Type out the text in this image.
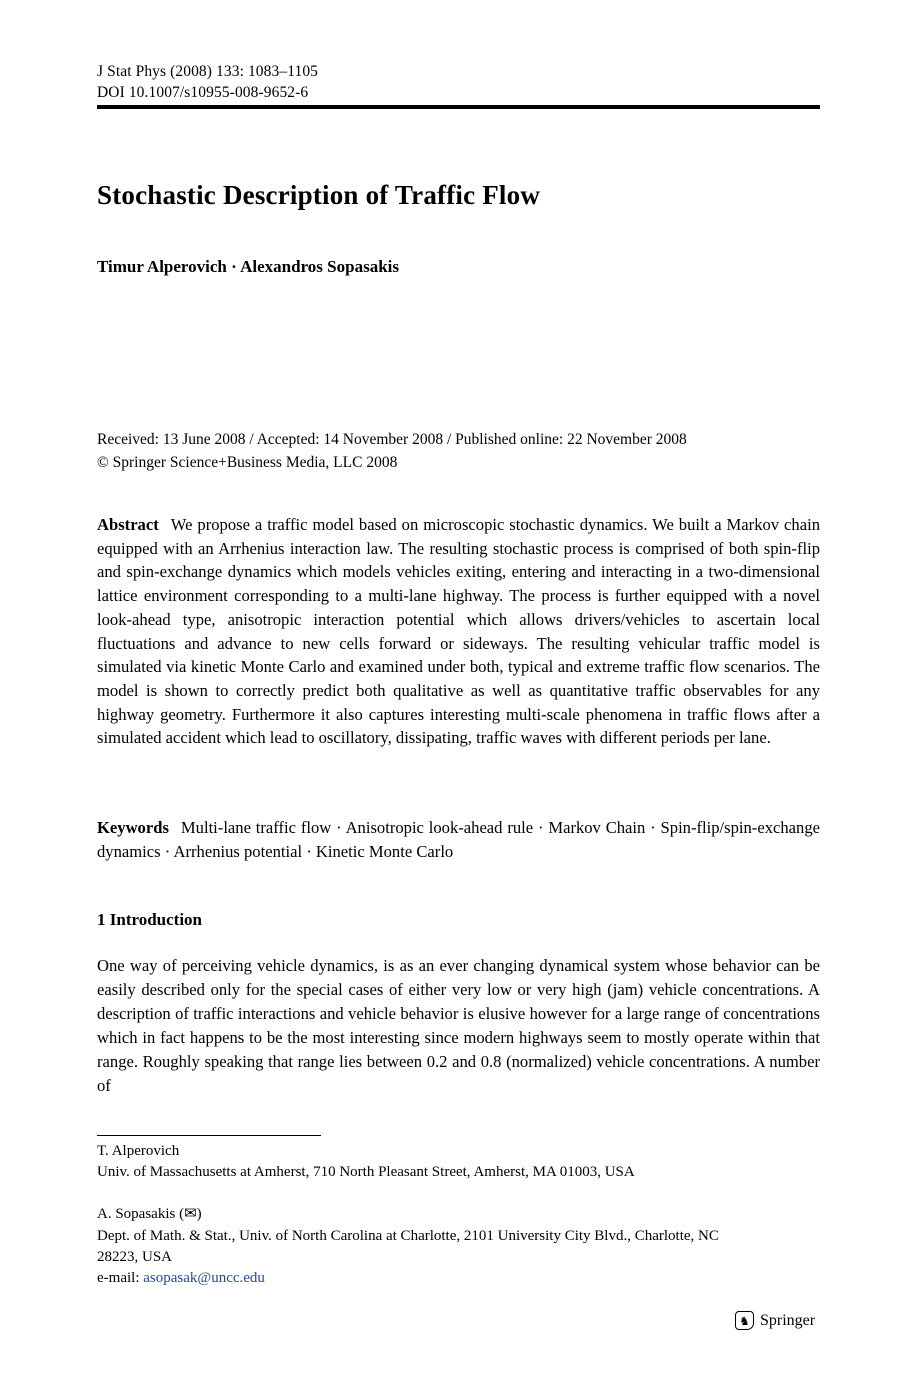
J Stat Phys (2008) 133: 1083–1105
DOI 10.1007/s10955-008-9652-6
Stochastic Description of Traffic Flow
Timur Alperovich · Alexandros Sopasakis
Received: 13 June 2008 / Accepted: 14 November 2008 / Published online: 22 November 2008
© Springer Science+Business Media, LLC 2008
Abstract We propose a traffic model based on microscopic stochastic dynamics. We built a Markov chain equipped with an Arrhenius interaction law. The resulting stochastic process is comprised of both spin-flip and spin-exchange dynamics which models vehicles exiting, entering and interacting in a two-dimensional lattice environment corresponding to a multi-lane highway. The process is further equipped with a novel look-ahead type, anisotropic interaction potential which allows drivers/vehicles to ascertain local fluctuations and advance to new cells forward or sideways. The resulting vehicular traffic model is simulated via kinetic Monte Carlo and examined under both, typical and extreme traffic flow scenarios. The model is shown to correctly predict both qualitative as well as quantitative traffic observables for any highway geometry. Furthermore it also captures interesting multi-scale phenomena in traffic flows after a simulated accident which lead to oscillatory, dissipating, traffic waves with different periods per lane.
Keywords Multi-lane traffic flow · Anisotropic look-ahead rule · Markov Chain · Spin-flip/spin-exchange dynamics · Arrhenius potential · Kinetic Monte Carlo
1 Introduction
One way of perceiving vehicle dynamics, is as an ever changing dynamical system whose behavior can be easily described only for the special cases of either very low or very high (jam) vehicle concentrations. A description of traffic interactions and vehicle behavior is elusive however for a large range of concentrations which in fact happens to be the most interesting since modern highways seem to mostly operate within that range. Roughly speaking that range lies between 0.2 and 0.8 (normalized) vehicle concentrations. A number of
T. Alperovich
Univ. of Massachusetts at Amherst, 710 North Pleasant Street, Amherst, MA 01003, USA
A. Sopasakis (✉)
Dept. of Math. & Stat., Univ. of North Carolina at Charlotte, 2101 University City Blvd., Charlotte, NC
28223, USA
e-mail: asopasak@uncc.edu
♞ Springer
